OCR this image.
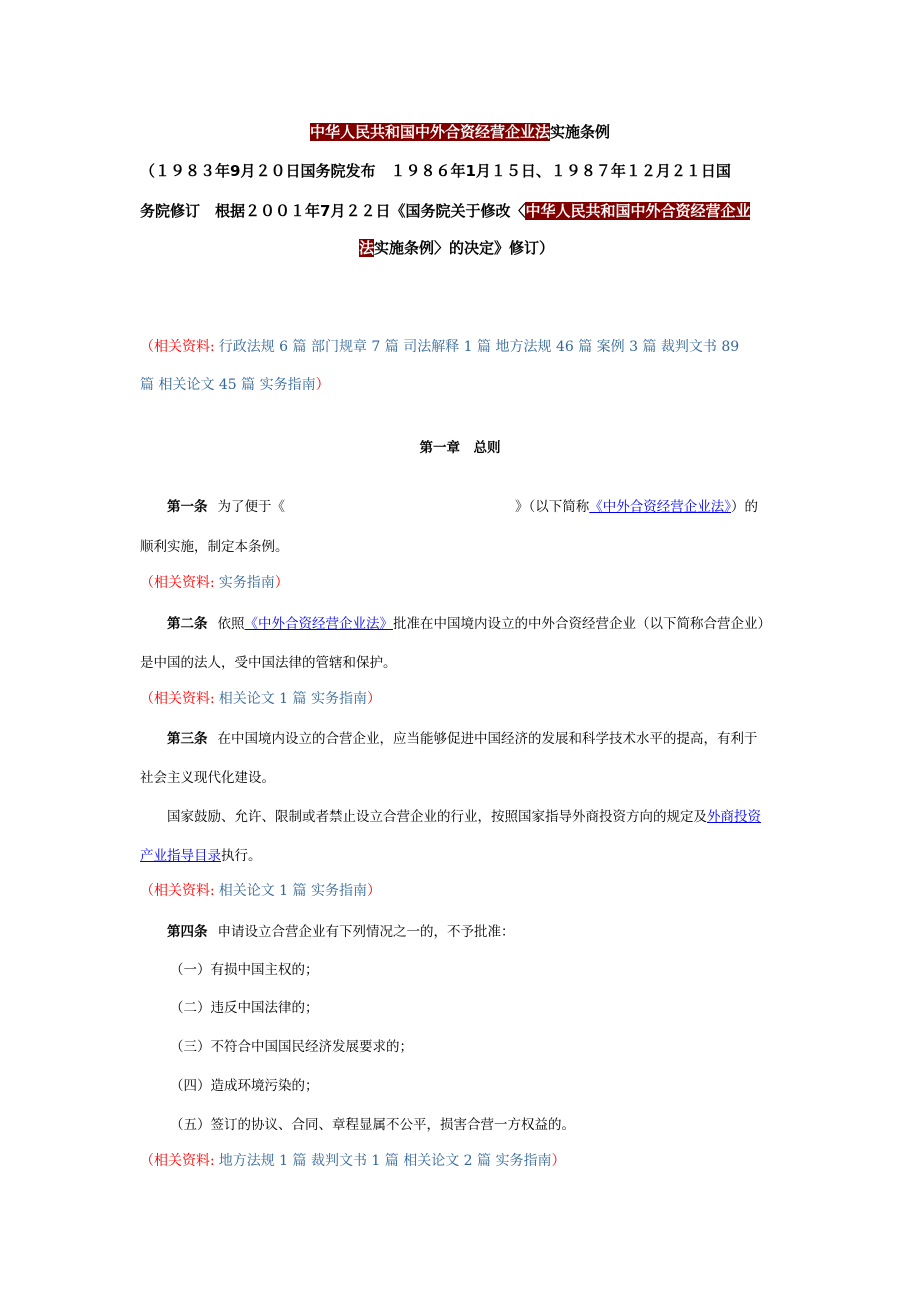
中华人民共和国中外合资经营企业法实施条例
（１９８３年9月２０日国务院发布　１９８６年1月１５日、１９８７年１２月２１日国
务院修订　根据２００１年7月２２日《国务院关于修改〈中华人民共和国中外合资经营企业
法实施条例〉的决定》修订）
（相关资料: 行政法规 6 篇 部门规章 7 篇 司法解释 1 篇 地方法规 46 篇 案例 3 篇 裁判文书 89
篇 相关论文 45 篇 实务指南）
第一章　总则
第一条 为了便于《	》（以下简称《中外合资经营企业法》）的
顺利实施，制定本条例。
（相关资料: 实务指南）
第二条 依照《中外合资经营企业法》批准在中国境内设立的中外合资经营企业（以下简称合营企业）
是中国的法人，受中国法律的管辖和保护。
（相关资料: 相关论文 1 篇 实务指南）
第三条 在中国境内设立的合营企业，应当能够促进中国经济的发展和科学技术水平的提高，有利于
社会主义现代化建设。
国家鼓励、允许、限制或者禁止设立合营企业的行业，按照国家指导外商投资方向的规定及外商投资
产业指导目录执行。
（相关资料: 相关论文 1 篇 实务指南）
第四条 申请设立合营企业有下列情况之一的，不予批准：
（一）有损中国主权的；
（二）违反中国法律的；
（三）不符合中国国民经济发展要求的；
（四）造成环境污染的；
（五）签订的协议、合同、章程显属不公平，损害合营一方权益的。
（相关资料: 地方法规 1 篇 裁判文书 1 篇 相关论文 2 篇 实务指南）
